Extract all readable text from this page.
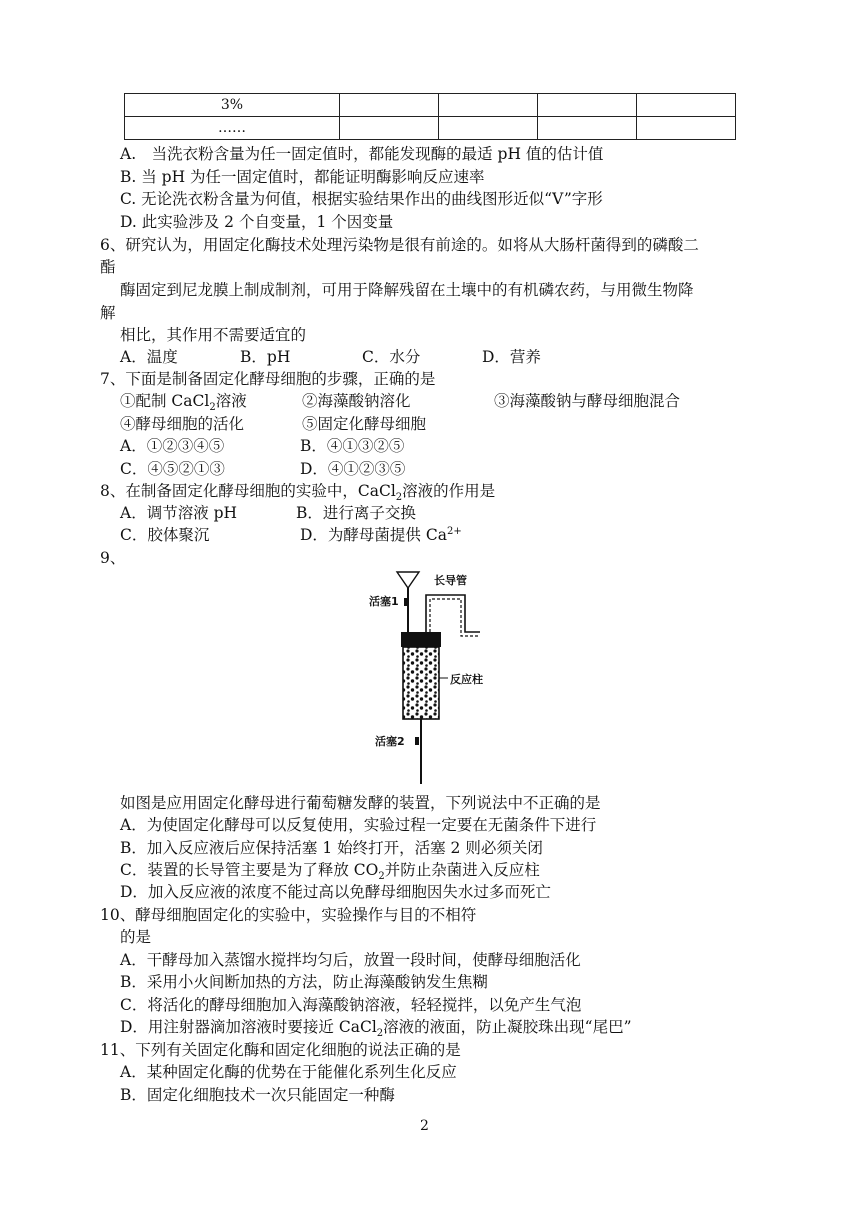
3%				
……				
A.　当洗衣粉含量为任一固定值时，都能发现酶的最适 pH 值的估计值
B. 当 pH 为任一固定值时，都能证明酶影响反应速率
C. 无论洗衣粉含量为何值，根据实验结果作出的曲线图形近似“V”字形
D. 此实验涉及 2 个自变量，1 个因变量
6、研究认为，用固定化酶技术处理污染物是很有前途的。如将从大肠杆菌得到的磷酸二
酯
酶固定到尼龙膜上制成制剂，可用于降解残留在土壤中的有机磷农药，与用微生物降
解
相比，其作用不需要适宜的
A．温度	B．pH	C．水分	D．营养
7、下面是制备固定化酵母细胞的步骤，正确的是
①配制 CaCl$_2$溶液	②海藻酸钠溶化	③海藻酸钠与酵母细胞混合
④酵母细胞的活化	⑤固定化酵母细胞
A．①②③④⑤	B．④①③②⑤
C．④⑤②①③	D．④①②③⑤
8、在制备固定化酵母细胞的实验中，CaCl$_2$溶液的作用是
A．调节溶液 pH	B．进行离子交换
C．胶体聚沉	D．为酵母菌提供 $Ca^{2+}$
9、
长导管
活塞1
反应柱
活塞2
如图是应用固定化酵母进行葡萄糖发酵的装置，下列说法中不正确的是
A．为使固定化酵母可以反复使用，实验过程一定要在无菌条件下进行
B．加入反应液后应保持活塞 1 始终打开，活塞 2 则必须关闭
C．装置的长导管主要是为了释放 $CO_2$并防止杂菌进入反应柱
D．加入反应液的浓度不能过高以免酵母细胞因失水过多而死亡
10、酵母细胞固定化的实验中，实验操作与目的不相符
的是
A．干酵母加入蒸馏水搅拌均匀后，放置一段时间，使酵母细胞活化
B．采用小火间断加热的方法，防止海藻酸钠发生焦糊
C．将活化的酵母细胞加入海藻酸钠溶液，轻轻搅拌，以免产生气泡
D．用注射器滴加溶液时要接近 CaCl$_2$溶液的液面，防止凝胶珠出现“尾巴”
11、下列有关固定化酶和固定化细胞的说法正确的是
A．某种固定化酶的优势在于能催化系列生化反应
B．固定化细胞技术一次只能固定一种酶
2
